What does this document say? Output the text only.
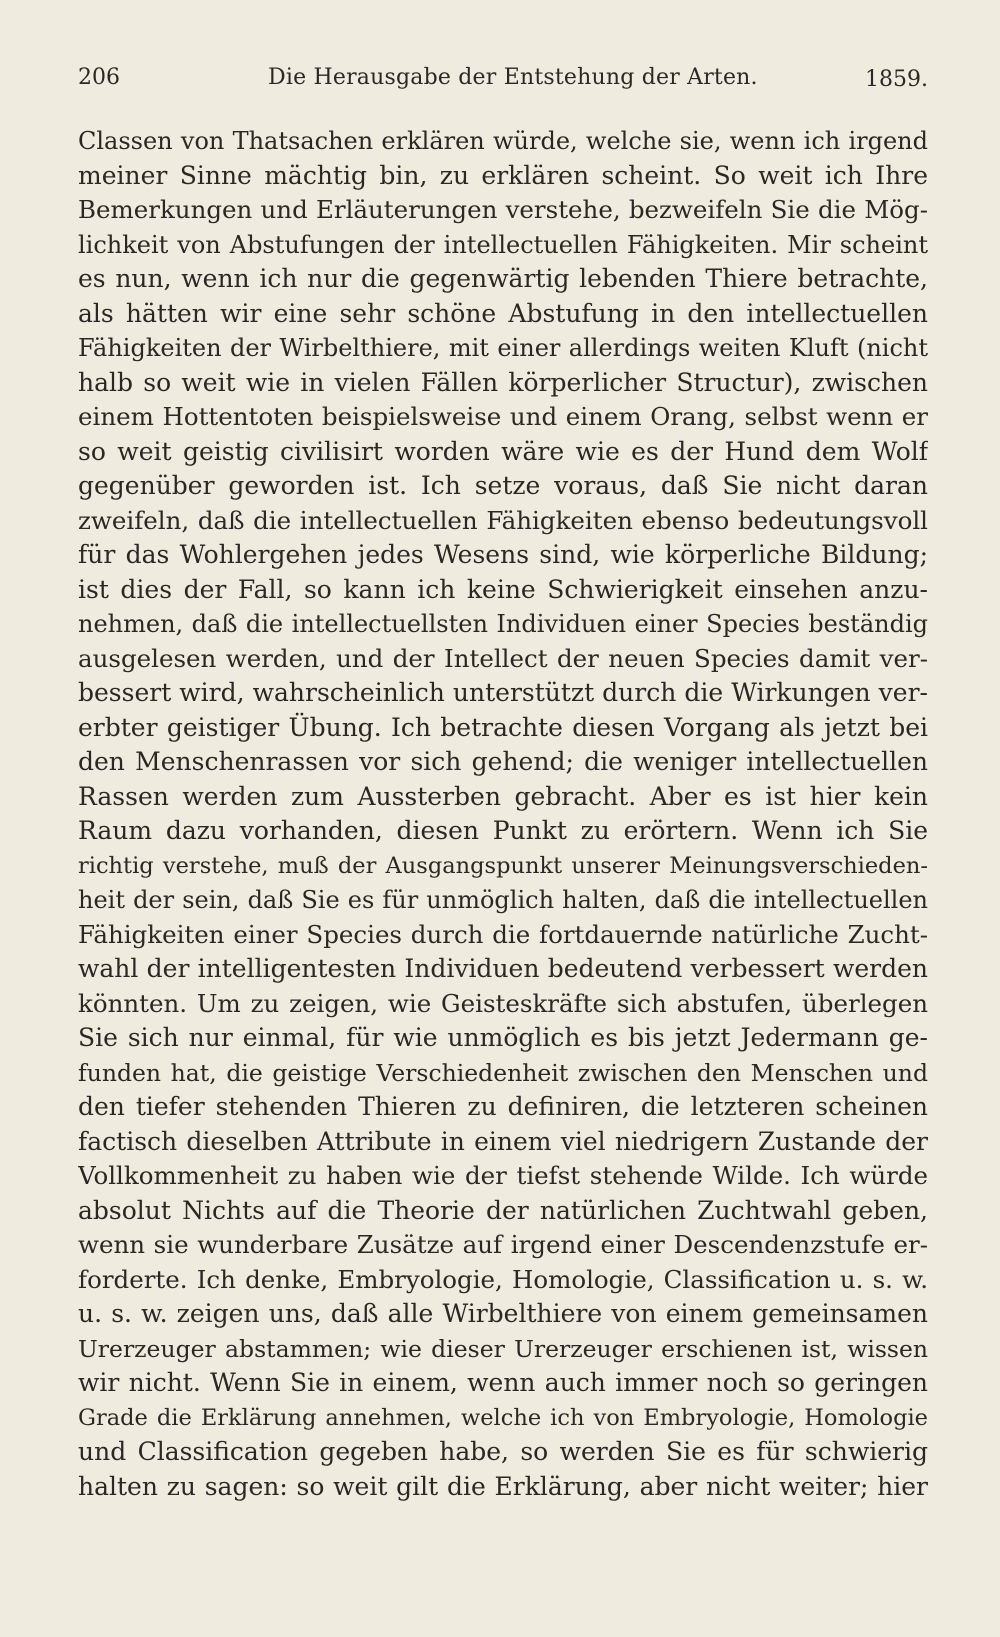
206	Die Herausgabe der Entstehung der Arten.	1859.
Classen von Thatsachen erklären würde, welche sie, wenn ich irgend
meiner Sinne mächtig bin, zu erklären scheint. So weit ich Ihre
Bemerkungen und Erläuterungen verstehe, bezweifeln Sie die Mög-
lichkeit von Abstufungen der intellectuellen Fähigkeiten. Mir scheint
es nun, wenn ich nur die gegenwärtig lebenden Thiere betrachte,
als hätten wir eine sehr schöne Abstufung in den intellectuellen
Fähigkeiten der Wirbelthiere, mit einer allerdings weiten Kluft (nicht
halb so weit wie in vielen Fällen körperlicher Structur), zwischen
einem Hottentoten beispielsweise und einem Orang, selbst wenn er
so weit geistig civilisirt worden wäre wie es der Hund dem Wolf
gegenüber geworden ist. Ich setze voraus, daß Sie nicht daran
zweifeln, daß die intellectuellen Fähigkeiten ebenso bedeutungsvoll
für das Wohlergehen jedes Wesens sind, wie körperliche Bildung;
ist dies der Fall, so kann ich keine Schwierigkeit einsehen anzu-
nehmen, daß die intellectuellsten Individuen einer Species beständig
ausgelesen werden, und der Intellect der neuen Species damit ver-
bessert wird, wahrscheinlich unterstützt durch die Wirkungen ver-
erbter geistiger Übung. Ich betrachte diesen Vorgang als jetzt bei
den Menschenrassen vor sich gehend; die weniger intellectuellen
Rassen werden zum Aussterben gebracht. Aber es ist hier kein
Raum dazu vorhanden, diesen Punkt zu erörtern. Wenn ich Sie
richtig verstehe, muß der Ausgangspunkt unserer Meinungsverschieden-
heit der sein, daß Sie es für unmöglich halten, daß die intellectuellen
Fähigkeiten einer Species durch die fortdauernde natürliche Zucht-
wahl der intelligentesten Individuen bedeutend verbessert werden
könnten. Um zu zeigen, wie Geisteskräfte sich abstufen, überlegen
Sie sich nur einmal, für wie unmöglich es bis jetzt Jedermann ge-
funden hat, die geistige Verschiedenheit zwischen den Menschen und
den tiefer stehenden Thieren zu definiren, die letzteren scheinen
factisch dieselben Attribute in einem viel niedrigern Zustande der
Vollkommenheit zu haben wie der tiefst stehende Wilde. Ich würde
absolut Nichts auf die Theorie der natürlichen Zuchtwahl geben,
wenn sie wunderbare Zusätze auf irgend einer Descendenzstufe er-
forderte. Ich denke, Embryologie, Homologie, Classification u. s. w.
u. s. w. zeigen uns, daß alle Wirbelthiere von einem gemeinsamen
Urerzeuger abstammen; wie dieser Urerzeuger erschienen ist, wissen
wir nicht. Wenn Sie in einem, wenn auch immer noch so geringen
Grade die Erklärung annehmen, welche ich von Embryologie, Homologie
und Classification gegeben habe, so werden Sie es für schwierig
halten zu sagen: so weit gilt die Erklärung, aber nicht weiter; hier
